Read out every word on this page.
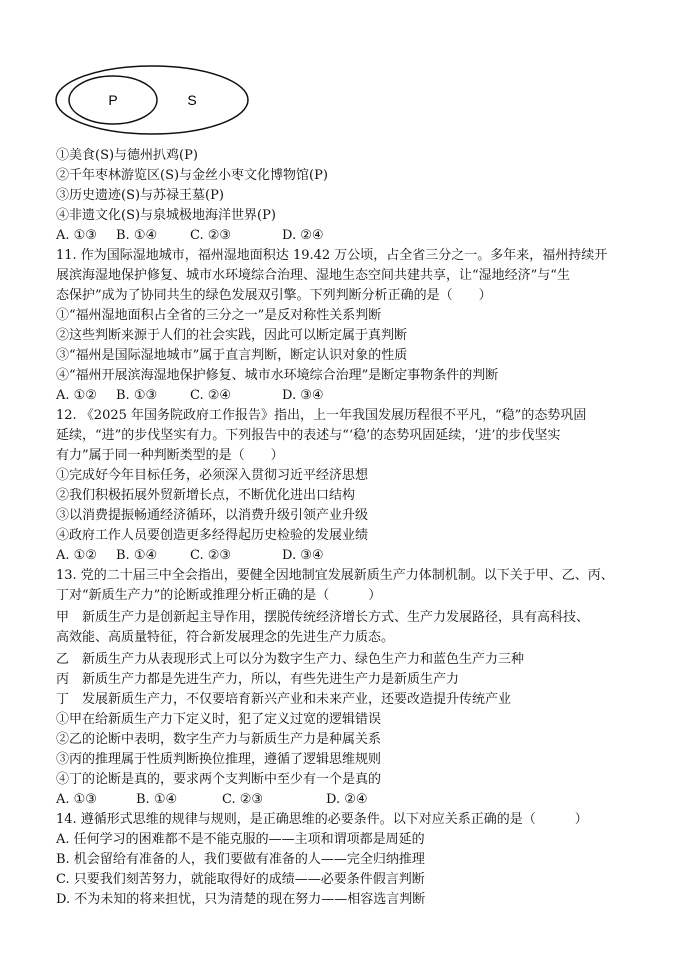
P	S
①美食(S)与德州扒鸡(P)
②千年枣林游览区(S)与金丝小枣文化博物馆(P)
③历史遗迹(S)与苏禄王墓(P)
④非遗文化(S)与泉城极地海洋世界(P)
A. ①③ B. ①④	C. ②③	D. ②④
11. 作为国际湿地城市，福州湿地面积达 19.42 万公顷，占全省三分之一。多年来，福州持续开
展滨海湿地保护修复、城市水环境综合治理、湿地生态空间共建共享，让“湿地经济”与“生
态保护”成为了协同共生的绿色发展双引擎。下列判断分析正确的是（　　）
①“福州湿地面积占全省的三分之一”是反对称性关系判断
②这些判断来源于人们的社会实践，因此可以断定属于真判断
③“福州是国际湿地城市”属于直言判断，断定认识对象的性质
④“福州开展滨海湿地保护修复、城市水环境综合治理”是断定事物条件的判断
A. ①② B. ①③	C. ②④	D. ③④
12. 《2025 年国务院政府工作报告》指出，上一年我国发展历程很不平凡，“稳”的态势巩固
延续，“进”的步伐坚实有力。下列报告中的表述与“‘稳’的态势巩固延续，‘进’的步伐坚实
有力”属于同一种判断类型的是（　　）
①完成好今年目标任务，必须深入贯彻习近平经济思想
②我们积极拓展外贸新增长点，不断优化进出口结构
③以消费提振畅通经济循环，以消费升级引领产业升级
④政府工作人员要创造更多经得起历史检验的发展业绩
A. ①② B. ①④	C. ②③	D. ③④
13. 党的二十届三中全会指出，要健全因地制宜发展新质生产力体制机制。以下关于甲、乙、丙、
丁对“新质生产力”的论断或推理分析正确的是（　　　）
甲　新质生产力是创新起主导作用，摆脱传统经济增长方式、生产力发展路径，具有高科技、
高效能、高质量特征，符合新发展理念的先进生产力质态。
乙　新质生产力从表现形式上可以分为数字生产力、绿色生产力和蓝色生产力三种
丙　新质生产力都是先进生产力，所以，有些先进生产力是新质生产力
丁　发展新质生产力，不仅要培育新兴产业和未来产业，还要改造提升传统产业
①甲在给新质生产力下定义时，犯了定义过宽的逻辑错误
②乙的论断中表明，数字生产力与新质生产力是种属关系
③丙的推理属于性质判断换位推理，遵循了逻辑思维规则
④丁的论断是真的，要求两个支判断中至少有一个是真的
A. ①③	B. ①④	C. ②③	D. ②④
14. 遵循形式思维的规律与规则，是正确思维的必要条件。以下对应关系正确的是（　　　）
A. 任何学习的困难都不是不能克服的——主项和谓项都是周延的
B. 机会留给有准备的人，我们要做有准备的人——完全归纳推理
C. 只要我们刻苦努力，就能取得好的成绩——必要条件假言判断
D. 不为未知的将来担忧，只为清楚的现在努力——相容选言判断
